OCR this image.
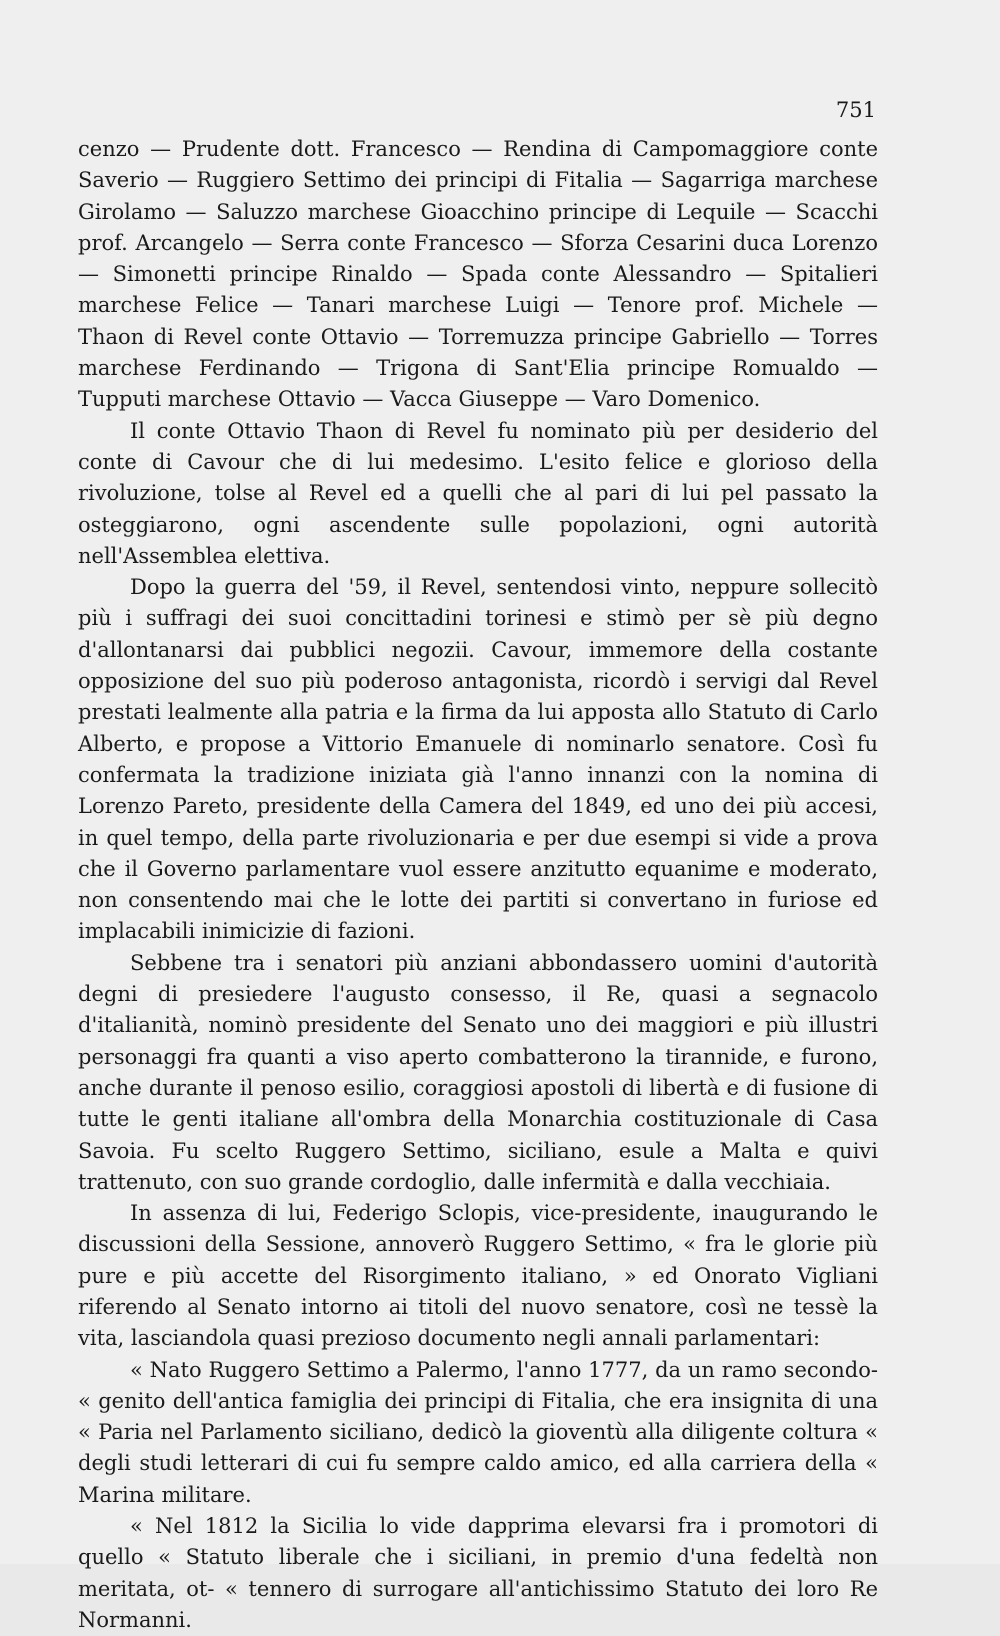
751

cenzo — Prudente dott. Francesco — Rendina di Campomaggiore conte Saverio — Ruggiero Settimo dei principi di Fitalia — Sagarriga marchese Girolamo — Saluzzo marchese Gioacchino principe di Lequile — Scacchi prof. Arcangelo — Serra conte Francesco — Sforza Cesarini duca Lorenzo — Simonetti principe Rinaldo — Spada conte Alessandro — Spitalieri marchese Felice — Tanari marchese Luigi — Tenore prof. Michele — Thaon di Revel conte Ottavio — Torremuzza principe Gabriello — Torres marchese Ferdinando — Trigona di Sant'Elia principe Romualdo — Tupputi marchese Ottavio — Vacca Giuseppe — Varo Domenico.

Il conte Ottavio Thaon di Revel fu nominato più per desiderio del conte di Cavour che di lui medesimo. L'esito felice e glorioso della rivoluzione, tolse al Revel ed a quelli che al pari di lui pel passato la osteggiarono, ogni ascendente sulle popolazioni, ogni autorità nell'Assemblea elettiva.

Dopo la guerra del '59, il Revel, sentendosi vinto, neppure sollecitò più i suffragi dei suoi concittadini torinesi e stimò per sè più degno d'allontanarsi dai pubblici negozii. Cavour, immemore della costante opposizione del suo più poderoso antagonista, ricordò i servigi dal Revel prestati lealmente alla patria e la firma da lui apposta allo Statuto di Carlo Alberto, e propose a Vittorio Emanuele di nominarlo senatore. Così fu confermata la tradizione iniziata già l'anno innanzi con la nomina di Lorenzo Pareto, presidente della Camera del 1849, ed uno dei più accesi, in quel tempo, della parte rivoluzionaria e per due esempi si vide a prova che il Governo parlamentare vuol essere anzitutto equanime e moderato, non consentendo mai che le lotte dei partiti si convertano in furiose ed implacabili inimicizie di fazioni.

Sebbene tra i senatori più anziani abbondassero uomini d'autorità degni di presiedere l'augusto consesso, il Re, quasi a segnacolo d'italianità, nominò presidente del Senato uno dei maggiori e più illustri personaggi fra quanti a viso aperto combatterono la tirannide, e furono, anche durante il penoso esilio, coraggiosi apostoli di libertà e di fusione di tutte le genti italiane all'ombra della Monarchia costituzionale di Casa Savoia. Fu scelto Ruggero Settimo, siciliano, esule a Malta e quivi trattenuto, con suo grande cordoglio, dalle infermità e dalla vecchiaia.

In assenza di lui, Federigo Sclopis, vice-presidente, inaugurando le discussioni della Sessione, annoverò Ruggero Settimo, « fra le glorie più pure e più accette del Risorgimento italiano, » ed Onorato Vigliani riferendo al Senato intorno ai titoli del nuovo senatore, così ne tessè la vita, lasciandola quasi prezioso documento negli annali parlamentari:

« Nato Ruggero Settimo a Palermo, l'anno 1777, da un ramo secondo- « genito dell'antica famiglia dei principi di Fitalia, che era insignita di una « Paria nel Parlamento siciliano, dedicò la gioventù alla diligente coltura « degli studi letterari di cui fu sempre caldo amico, ed alla carriera della « Marina militare.

« Nel 1812 la Sicilia lo vide dapprima elevarsi fra i promotori di quello « Statuto liberale che i siciliani, in premio d'una fedeltà non meritata, ot- « tennero di surrogare all'antichissimo Statuto dei loro Re Normanni.
